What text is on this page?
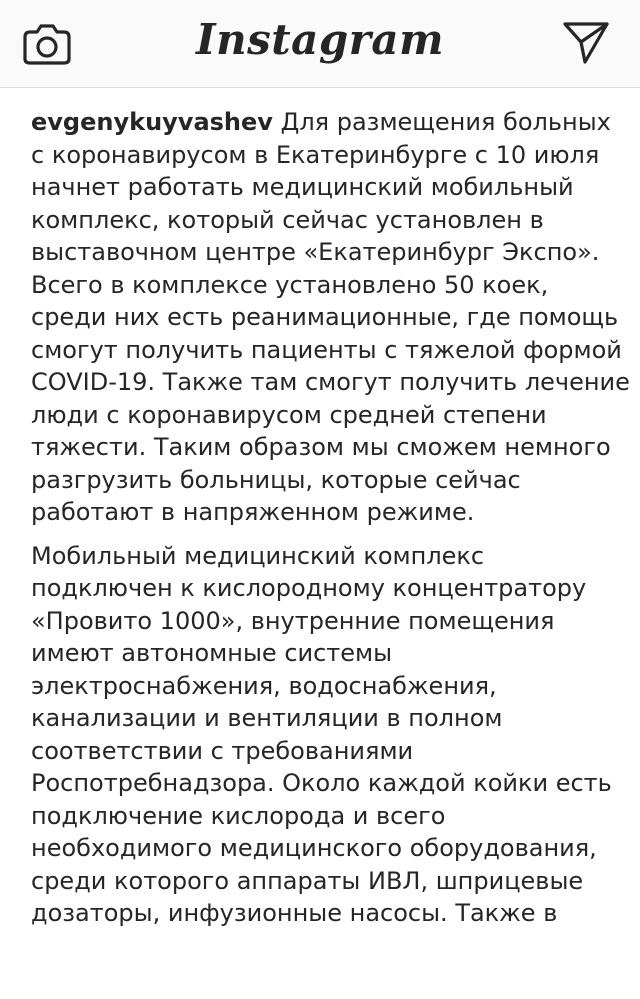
Instagram

evgenykuyvashev Для размещения больных с коронавирусом в Екатеринбурге с 10 июля начнет работать медицинский мобильный комплекс, который сейчас установлен в выставочном центре «Екатеринбург Экспо». Всего в комплексе установлено 50 коек, среди них есть реанимационные, где помощь смогут получить пациенты с тяжелой формой COVID-19. Также там смогут получить лечение люди с коронавирусом средней степени тяжести. Таким образом мы сможем немного разгрузить больницы, которые сейчас работают в напряженном режиме.

Мобильный медицинский комплекс подключен к кислородному концентратору «Провито 1000», внутренние помещения имеют автономные системы электроснабжения, водоснабжения, канализации и вентиляции в полном соответствии с требованиями Роспотребнадзора. Около каждой койки есть подключение кислорода и всего необходимого медицинского оборудования, среди которого аппараты ИВЛ, шприцевые дозаторы, инфузионные насосы. Также в
